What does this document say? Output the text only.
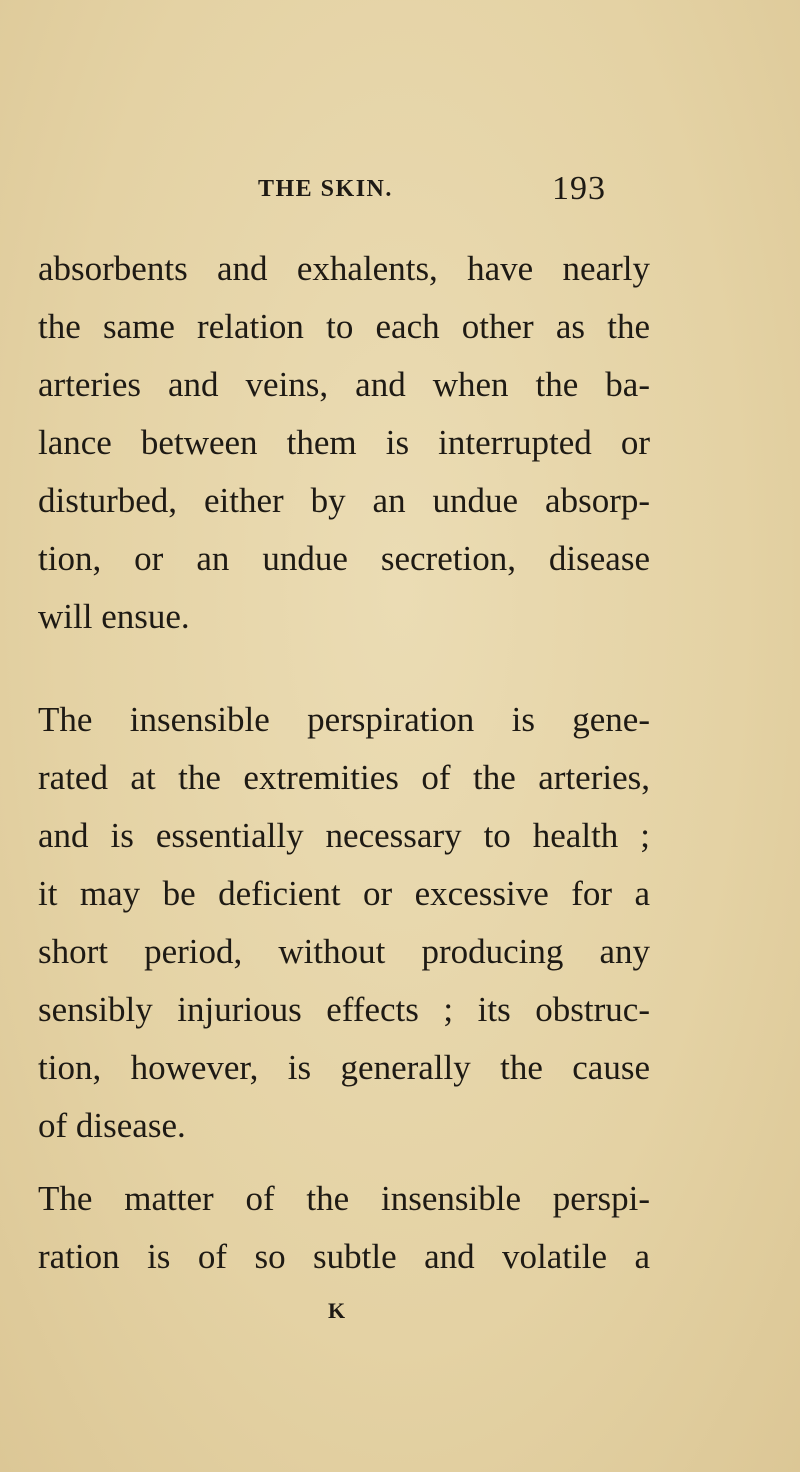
THE SKIN.	193
absorbents and exhalents, have nearly
the same relation to each other as the
arteries and veins, and when the ba-
lance between them is interrupted or
disturbed, either by an undue absorp-
tion, or an undue secretion, disease
will ensue.
The insensible perspiration is gene-
rated at the extremities of the arteries,
and is essentially necessary to health ;
it may be deficient or excessive for a
short period, without producing any
sensibly injurious effects ; its obstruc-
tion, however, is generally the cause
of disease.
The matter of the insensible perspi-
ration is of so subtle and volatile a
K
